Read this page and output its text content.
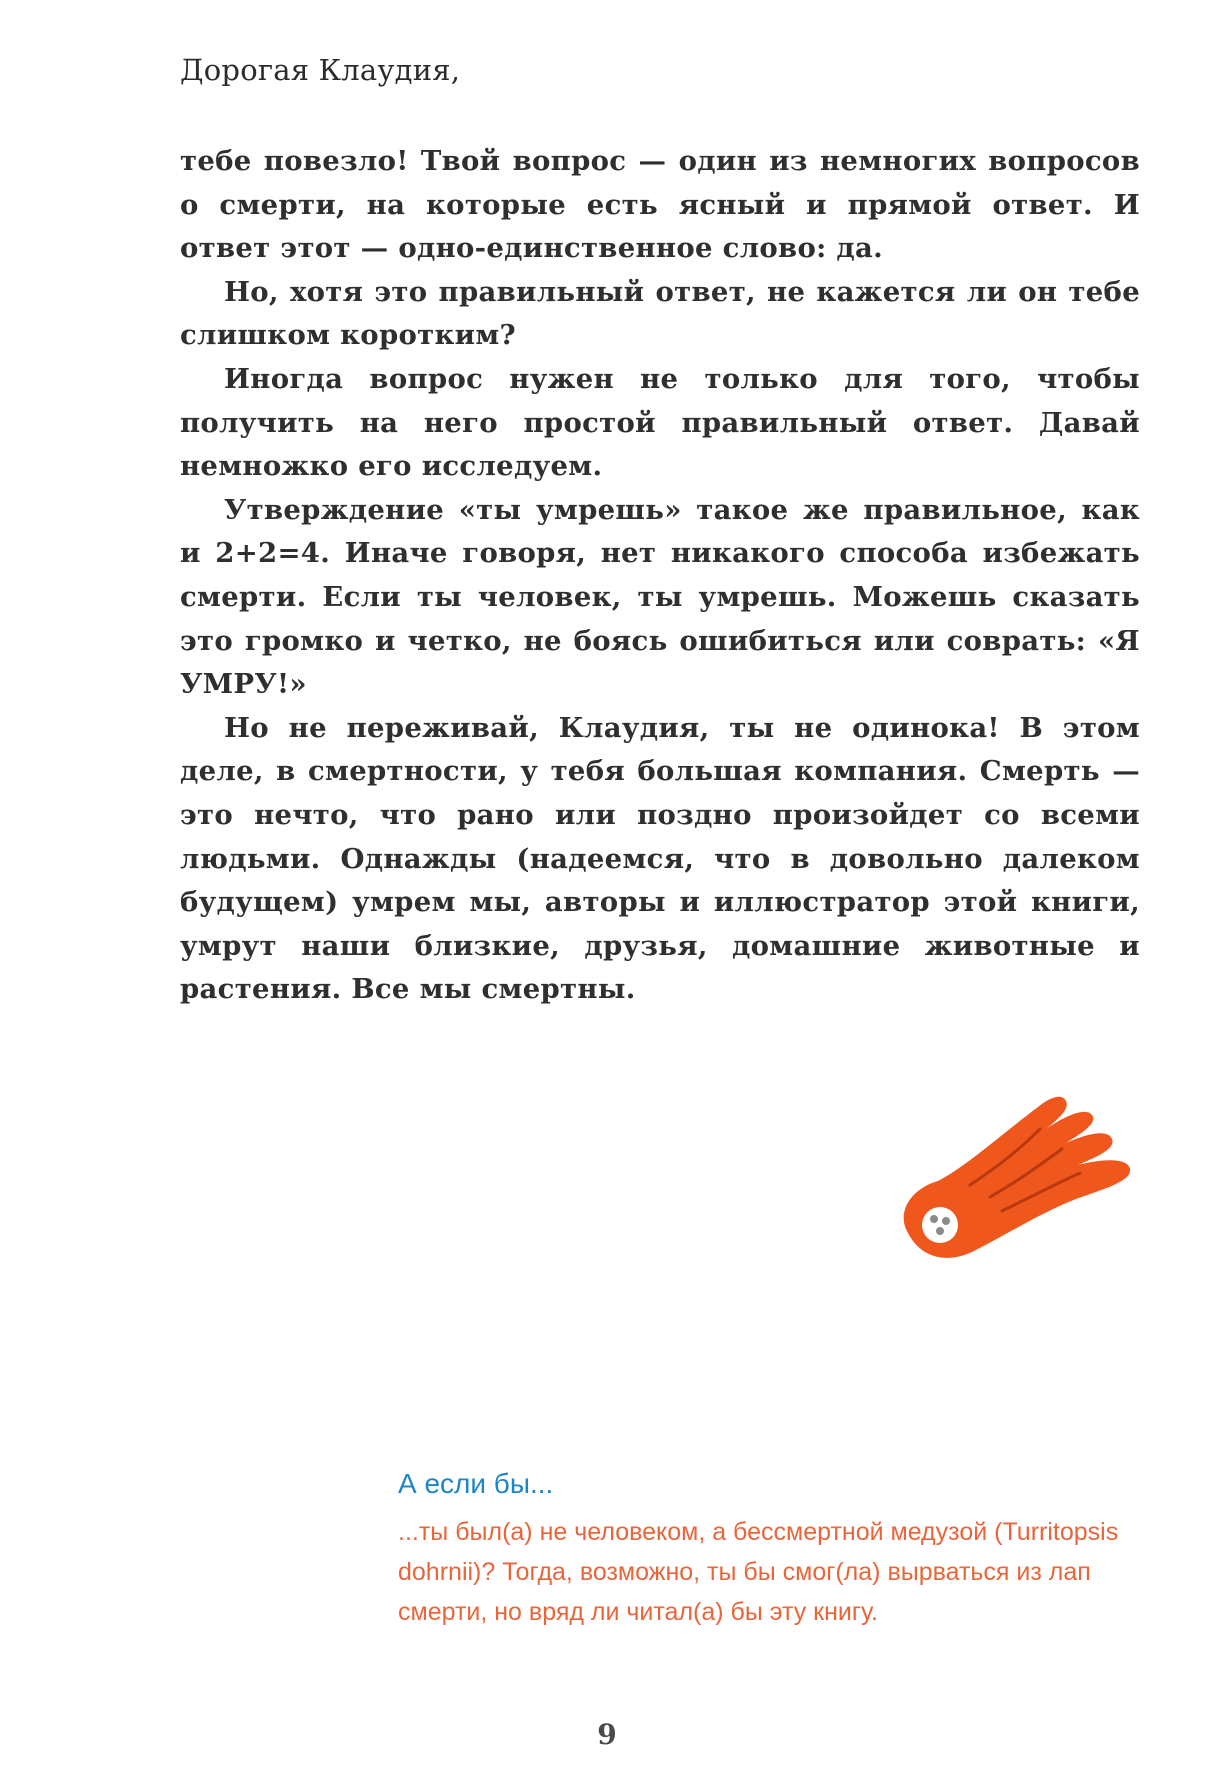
Дорогая Клаудия,

тебе повезло! Твой вопрос — один из немногих вопросов о смерти, на которые есть ясный и прямой ответ. И ответ этот — одно-единственное слово: да.

Но, хотя это правильный ответ, не кажется ли он тебе слишком коротким?

Иногда вопрос нужен не только для того, чтобы получить на него простой правильный ответ. Давай немножко его исследуем.

Утверждение «ты умрешь» такое же правильное, как и 2+2=4. Иначе говоря, нет никакого способа избежать смерти. Если ты человек, ты умрешь. Можешь сказать это громко и четко, не боясь ошибиться или соврать: «Я УМРУ!»

Но не переживай, Клаудия, ты не одинока! В этом деле, в смертности, у тебя большая компания. Смерть — это нечто, что рано или поздно произойдет со всеми людьми. Однажды (надеемся, что в довольно далеком будущем) умрем мы, авторы и иллюстратор этой книги, умрут наши близкие, друзья, домашние животные и растения. Все мы смертны.

А если бы...

...ты был(а) не человеком, а бессмертной медузой (Turritopsis dohrnii)? Тогда, возможно, ты бы смог(ла) вырваться из лап смерти, но вряд ли читал(а) бы эту книгу.

9
